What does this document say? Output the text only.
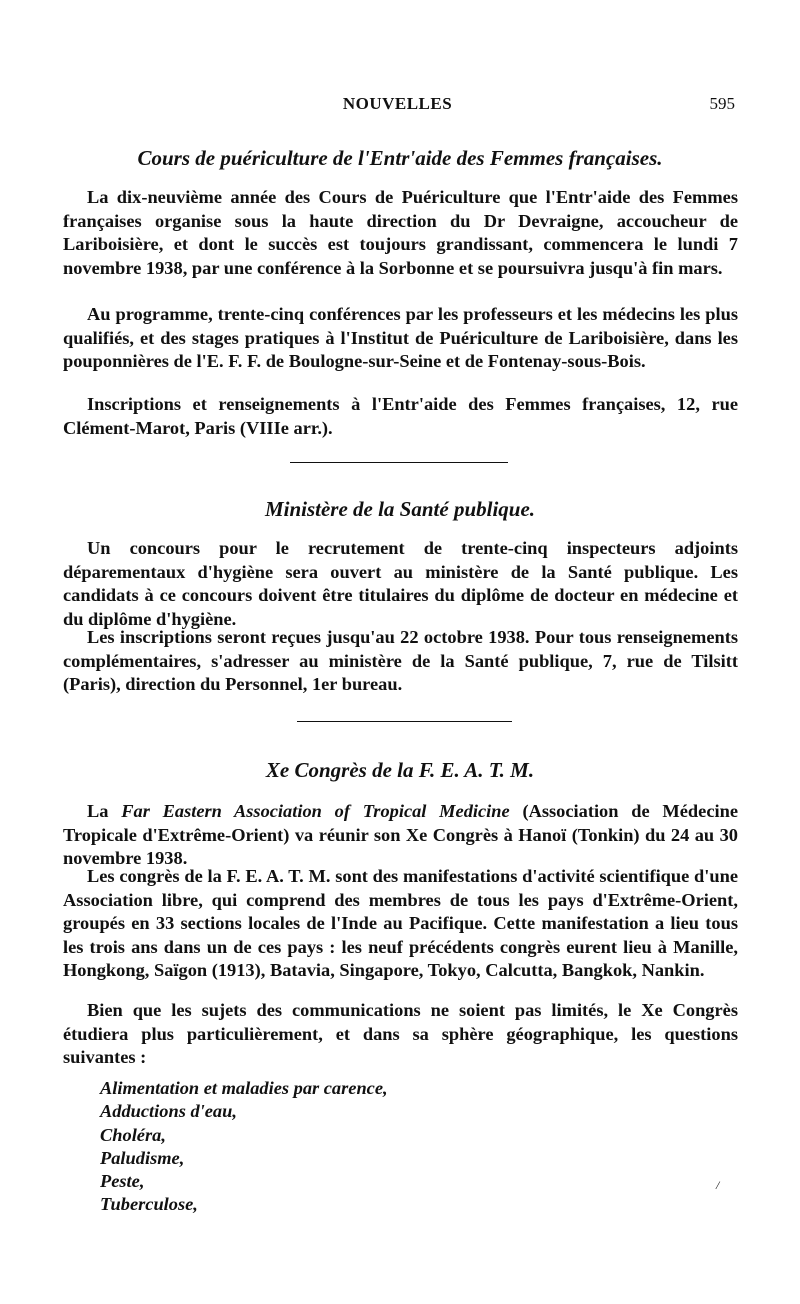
NOUVELLES	595
Cours de puériculture de l'Entr'aide des Femmes françaises.

La dix-neuvième année des Cours de Puériculture que l'Entr'aide des Femmes françaises organise sous la haute direction du Dr Devraigne, accoucheur de Lariboisière, et dont le succès est toujours grandissant, commencera le lundi 7 novembre 1938, par une conférence à la Sorbonne et se poursuivra jusqu'à fin mars.

Au programme, trente-cinq conférences par les professeurs et les médecins les plus qualifiés, et des stages pratiques à l'Institut de Puériculture de Lariboisière, dans les pouponnières de l'E. F. F. de Boulogne-sur-Seine et de Fontenay-sous-Bois.

Inscriptions et renseignements à l'Entr'aide des Femmes françaises, 12, rue Clément-Marot, Paris (VIIIe arr.).

Ministère de la Santé publique.

Un concours pour le recrutement de trente-cinq inspecteurs adjoints déparementaux d'hygiène sera ouvert au ministère de la Santé publique. Les candidats à ce concours doivent être titulaires du diplôme de docteur en médecine et du diplôme d'hygiène.

Les inscriptions seront reçues jusqu'au 22 octobre 1938. Pour tous renseignements complémentaires, s'adresser au ministère de la Santé publique, 7, rue de Tilsitt (Paris), direction du Personnel, 1er bureau.

Xe Congrès de la F. E. A. T. M.

La Far Eastern Association of Tropical Medicine (Association de Médecine Tropicale d'Extrême-Orient) va réunir son Xe Congrès à Hanoï (Tonkin) du 24 au 30 novembre 1938.

Les congrès de la F. E. A. T. M. sont des manifestations d'activité scientifique d'une Association libre, qui comprend des membres de tous les pays d'Extrême-Orient, groupés en 33 sections locales de l'Inde au Pacifique. Cette manifestation a lieu tous les trois ans dans un de ces pays : les neuf précédents congrès eurent lieu à Manille, Hongkong, Saïgon (1913), Batavia, Singapore, Tokyo, Calcutta, Bangkok, Nankin.

Bien que les sujets des communications ne soient pas limités, le Xe Congrès étudiera plus particulièrement, et dans sa sphère géographique, les questions suivantes :

Alimentation et maladies par carence,
Adductions d'eau,
Choléra,
Paludisme,
Peste,
Tuberculose,
/
